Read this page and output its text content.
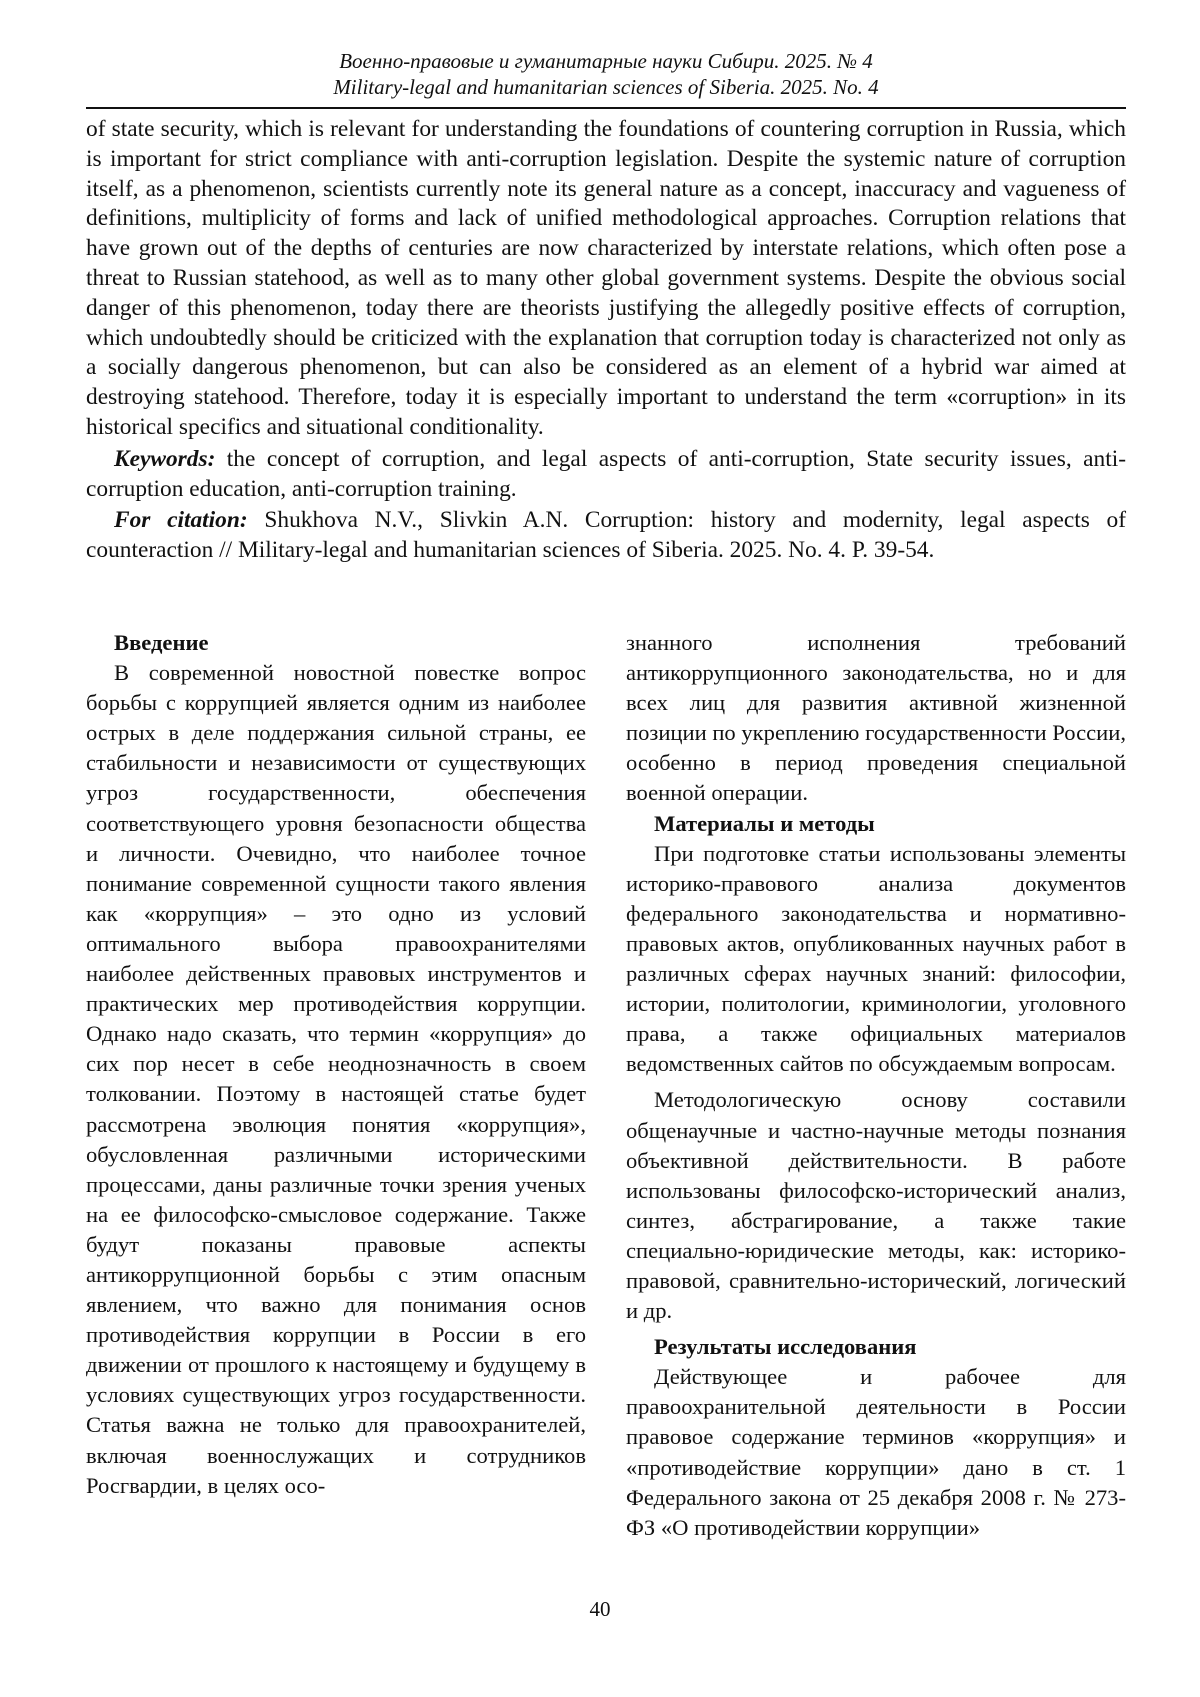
Военно-правовые и гуманитарные науки Сибири. 2025. № 4
Military-legal and humanitarian sciences of Siberia. 2025. No. 4

of state security, which is relevant for understanding the foundations of countering corruption in Russia, which is important for strict compliance with anti-corruption legislation. Despite the systemic nature of corruption itself, as a phenomenon, scientists currently note its general nature as a concept, inaccuracy and vagueness of definitions, multiplicity of forms and lack of unified methodological approaches. Corruption relations that have grown out of the depths of centuries are now characterized by interstate relations, which often pose a threat to Russian statehood, as well as to many other global government systems. Despite the obvious social danger of this phenomenon, today there are theorists justifying the allegedly positive effects of corruption, which undoubtedly should be criticized with the explanation that corruption today is characterized not only as a socially dangerous phenomenon, but can also be considered as an element of a hybrid war aimed at destroying statehood. Therefore, today it is especially important to understand the term «corruption» in its historical specifics and situational conditionality.

Keywords: the concept of corruption, and legal aspects of anti-corruption, State security issues, anti-corruption education, anti-corruption training.

For citation: Shukhova N.V., Slivkin A.N. Corruption: history and modernity, legal aspects of counteraction // Military-legal and humanitarian sciences of Siberia. 2025. No. 4. P. 39-54.

Введение

В современной новостной повестке вопрос борьбы с коррупцией является одним из наиболее острых в деле поддержания сильной страны, ее стабильности и независимости от существующих угроз государственности, обеспечения соответствующего уровня безопасности общества и личности. Очевидно, что наиболее точное понимание современной сущности такого явления как «коррупция» – это одно из условий оптимального выбора правоохранителями наиболее действенных правовых инструментов и практических мер противодействия коррупции. Однако надо сказать, что термин «коррупция» до сих пор несет в себе неоднозначность в своем толковании. Поэтому в настоящей статье будет рассмотрена эволюция понятия «коррупция», обусловленная различными историческими процессами, даны различные точки зрения ученых на ее философско-смысловое содержание. Также будут показаны правовые аспекты антикоррупционной борьбы с этим опасным явлением, что важно для понимания основ противодействия коррупции в России в его движении от прошлого к настоящему и будущему в условиях существующих угроз государственности. Статья важна не только для правоохранителей, включая военнослужащих и сотрудников Росгвардии, в целях осо-

знанного исполнения требований антикоррупционного законодательства, но и для всех лиц для развития активной жизненной позиции по укреплению государственности России, особенно в период проведения специальной военной операции.

Материалы и методы

При подготовке статьи использованы элементы историко-правового анализа документов федерального законодательства и нормативно-правовых актов, опубликованных научных работ в различных сферах научных знаний: философии, истории, политологии, криминологии, уголовного права, а также официальных материалов ведомственных сайтов по обсуждаемым вопросам.

Методологическую основу составили общенаучные и частно-научные методы познания объективной действительности. В работе использованы философско-исторический анализ, синтез, абстрагирование, а также такие специально-юридические методы, как: историко-правовой, сравнительно-исторический, логический и др.

Результаты исследования

Действующее и рабочее для правоохранительной деятельности в России правовое содержание терминов «коррупция» и «противодействие коррупции» дано в ст. 1 Федерального закона от 25 декабря 2008 г. № 273-ФЗ «О противодействии коррупции»

40
